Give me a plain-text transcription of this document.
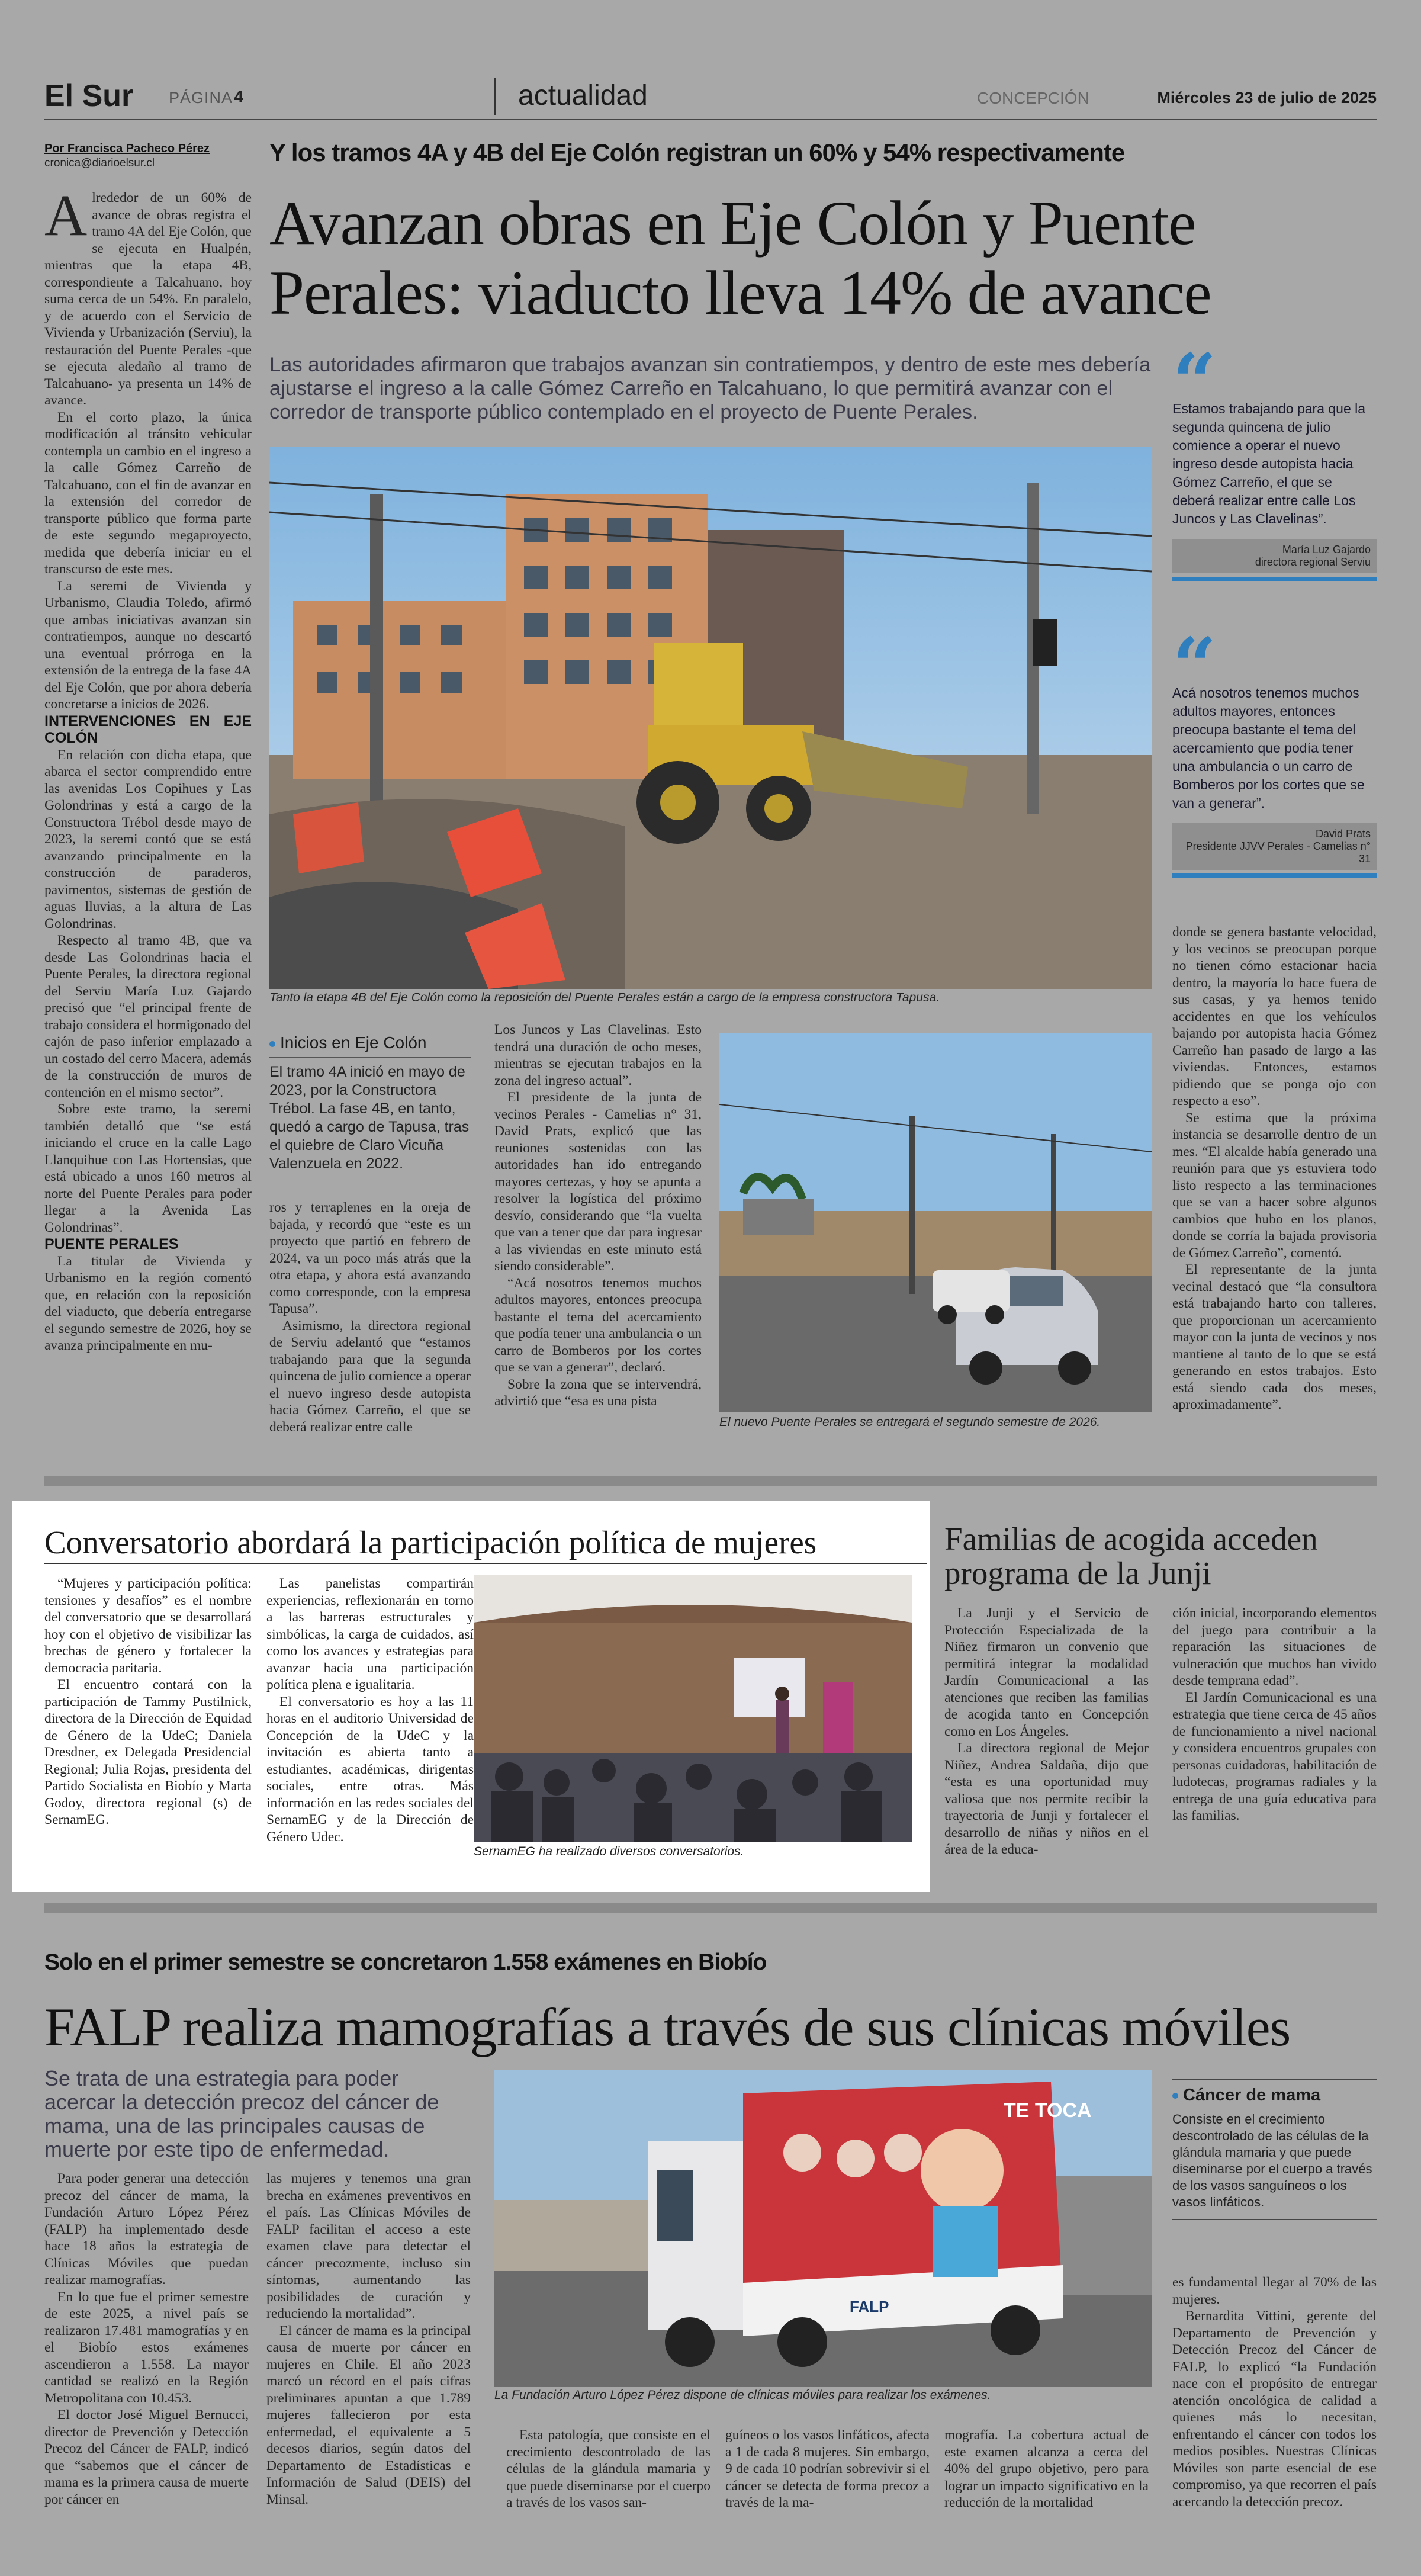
El Sur PÁGINA 4	actualidad	CONCEPCIÓN	Miércoles 23 de julio de 2025
Por Francisca Pacheco Pérez
cronica@diarioelsur.cl	Y los tramos 4A y 4B del Eje Colón registran un 60% y 54% respectivamente
Avanzan obras en Eje Colón y Puente Perales: viaducto lleva 14% de avance
Las autoridades afirmaron que trabajos avanzan sin contratiempos, y dentro de este mes debería ajustarse el ingreso a la calle Gómez Carreño en Talcahuano, lo que permitirá avanzar con el corredor de transporte público contemplado en el proyecto de Puente Perales.
A lrededor de un 60% de avance de obras registra el tramo 4A del Eje Colón, que se ejecuta en Hualpén, mientras que la etapa 4B, correspondiente a Talcahuano, hoy suma cerca de un 54%. En paralelo, y de acuerdo con el Servicio de Vivienda y Urbanización (Serviu), la restauración del Puente Perales -que se ejecuta aledaño al tramo de Talcahuano- ya presenta un 14% de avance.

En el corto plazo, la única modificación al tránsito vehicular contempla un cambio en el ingreso a la calle Gómez Carreño de Talcahuano, con el fin de avanzar en la extensión del corredor de transporte público que forma parte de este segundo megaproyecto, medida que debería iniciar en el transcurso de este mes.

La seremi de Vivienda y Urbanismo, Claudia Toledo, afirmó que ambas iniciativas avanzan sin contratiempos, aunque no descartó una eventual prórroga en la extensión de la entrega de la fase 4A del Eje Colón, que por ahora debería concretarse a inicios de 2026.

INTERVENCIONES EN EJE COLÓN

En relación con dicha etapa, que abarca el sector comprendido entre las avenidas Los Copihues y Las Golondrinas y está a cargo de la Constructora Trébol desde mayo de 2023, la seremi contó que se está avanzando principalmente en la construcción de paraderos, pavimentos, sistemas de gestión de aguas lluvias, a la altura de Las Golondrinas.

Respecto al tramo 4B, que va desde Las Golondrinas hacia el Puente Perales, la directora regional del Serviu María Luz Gajardo precisó que “el principal frente de trabajo considera el hormigonado del cajón de paso inferior emplazado a un costado del cerro Macera, además de la construcción de muros de contención en el mismo sector”.

Sobre este tramo, la seremi también detalló que “se está iniciando el cruce en la calle Lago Llanquihue con Las Hortensias, que está ubicado a unos 160 metros al norte del Puente Perales para poder llegar a la Avenida Las Golondrinas”.

PUENTE PERALES

La titular de Vivienda y Urbanismo en la región comentó que, en relación con la reposición del viaducto, que debería entregarse el segundo semestre de 2026, hoy se avanza principalmente en mu-

Tanto la etapa 4B del Eje Colón como la reposición del Puente Perales están a cargo de la empresa constructora Tapusa.
“
Estamos trabajando para que la segunda quincena de julio comience a operar el nuevo ingreso desde autopista hacia Gómez Carreño, el que se deberá realizar entre calle Los Juncos y Las Clavelinas”.
María Luz Gajardo
directora regional Serviu
“
Acá nosotros tenemos muchos adultos mayores, entonces preocupa bastante el tema del acercamiento que podía tener una ambulancia o un carro de Bomberos por los cortes que se van a generar”.
David Prats
Presidente JJVV Perales - Camelias n° 31
Inicios en Eje Colón
El tramo 4A inició en mayo de 2023, por la Constructora Trébol. La fase 4B, en tanto, quedó a cargo de Tapusa, tras el quiebre de Claro Vicuña Valenzuela en 2022.

ros y terraplenes en la oreja de bajada, y recordó que “este es un proyecto que partió en febrero de 2024, va un poco más atrás que la otra etapa, y ahora está avanzando como corresponde, con la empresa Tapusa”.

Asimismo, la directora regional de Serviu adelantó que “estamos trabajando para que la segunda quincena de julio comience a operar el nuevo ingreso desde autopista hacia Gómez Carreño, el que se deberá realizar entre calle

Los Juncos y Las Clavelinas. Esto tendrá una duración de ocho meses, mientras se ejecutan trabajos en la zona del ingreso actual”.

El presidente de la junta de vecinos Perales - Camelias n° 31, David Prats, explicó que las reuniones sostenidas con las autoridades han ido entregando mayores certezas, y hoy se apunta a resolver la logística del próximo desvío, considerando que “la vuelta que van a tener que dar para ingresar a las viviendas en este minuto está siendo considerable”.

“Acá nosotros tenemos muchos adultos mayores, entonces preocupa bastante el tema del acercamiento que podía tener una ambulancia o un carro de Bomberos por los cortes que se van a generar”, declaró.

Sobre la zona que se intervendrá, advirtió que “esa es una pista

El nuevo Puente Perales se entregará el segundo semestre de 2026.

donde se genera bastante velocidad, y los vecinos se preocupan porque no tienen cómo estacionar hacia dentro, la mayoría lo hace fuera de sus casas, y ya hemos tenido accidentes en que los vehículos bajando por autopista hacia Gómez Carreño han pasado de largo a las viviendas. Entonces, estamos pidiendo que se ponga ojo con respecto a eso”.

Se estima que la próxima instancia se desarrolle dentro de un mes. “El alcalde había generado una reunión para que ys estuviera todo listo respecto a las terminaciones que se van a hacer sobre algunos cambios que hubo en los planos, donde se corría la bajada provisoria de Gómez Carreño”, comentó.

El representante de la junta vecinal destacó que “la consultora está trabajando harto con talleres, que proporcionan un acercamiento mayor con la junta de vecinos y nos mantiene al tanto de lo que se está generando en estos trabajos. Esto está siendo cada dos meses, aproximadamente”.

Conversatorio abordará la participación política de mujeres

“Mujeres y participación política: tensiones y desafíos” es el nombre del conversatorio que se desarrollará hoy con el objetivo de visibilizar las brechas de género y fortalecer la democracia paritaria.

El encuentro contará con la participación de Tammy Pustilnick, directora de la Dirección de Equidad de Género de la UdeC; Daniela Dresdner, ex Delegada Presidencial Regional; Julia Rojas, presidenta del Partido Socialista en Biobío y Marta Godoy, directora regional (s) de SernamEG.

Las panelistas compartirán experiencias, reflexionarán en torno a las barreras estructurales y simbólicas, la carga de cuidados, así como los avances y estrategias para avanzar hacia una participación política plena e igualitaria.

El conversatorio es hoy a las 11 horas en el auditorio Universidad de Concepción de la UdeC y la invitación es abierta tanto a estudiantes, académicas, dirigentas sociales, entre otras. Más información en las redes sociales del SernamEG y de la Dirección de Género Udec.

SernamEG ha realizado diversos conversatorios.
Familias de acogida acceden programa de la Junji

La Junji y el Servicio de Protección Especializada de la Niñez firmaron un convenio que permitirá integrar la modalidad Jardín Comunicacional a las atenciones que reciben las familias de acogida tanto en Concepción como en Los Ángeles.

La directora regional de Mejor Niñez, Andrea Saldaña, dijo que “esta es una oportunidad muy valiosa que nos permite recibir la trayectoria de Junji y fortalecer el desarrollo de niñas y niños en el área de la educa-

ción inicial, incorporando elementos del juego para contribuir a la reparación las situaciones de vulneración que muchos han vivido desde temprana edad”.

El Jardín Comunicacional es una estrategia que tiene cerca de 45 años de funcionamiento a nivel nacional y considera encuentros grupales con personas cuidadoras, habilitación de ludotecas, programas radiales y la entrega de una guía educativa para las familias.

Solo en el primer semestre se concretaron 1.558 exámenes en Biobío
FALP realiza mamografías a través de sus clínicas móviles
Se trata de una estrategia para poder acercar la detección precoz del cáncer de mama, una de las principales causas de muerte por este tipo de enfermedad.

Para poder generar una detección precoz del cáncer de mama, la Fundación Arturo López Pérez (FALP) ha implementado desde hace 18 años la estrategia de Clínicas Móviles que puedan realizar mamografías.

En lo que fue el primer semestre de este 2025, a nivel país se realizaron 17.481 mamografías y en el Biobío estos exámenes ascendieron a 1.558. La mayor cantidad se realizó en la Región Metropolitana con 10.453.

El doctor José Miguel Bernucci, director de Prevención y Detección Precoz del Cáncer de FALP, indicó que “sabemos que el cáncer de mama es la primera causa de muerte por cáncer en

las mujeres y tenemos una gran brecha en exámenes preventivos en el país. Las Clínicas Móviles de FALP facilitan el acceso a este examen clave para detectar el cáncer precozmente, incluso sin síntomas, aumentando las posibilidades de curación y reduciendo la mortalidad”.

El cáncer de mama es la principal causa de muerte por cáncer en mujeres en Chile. El año 2023 marcó un récord en el país cifras preliminares apuntan a que 1.789 mujeres fallecieron por esta enfermedad, el equivalente a 5 decesos diarios, según datos del Departamento de Estadísticas e Información de Salud (DEIS) del Minsal.

TE TOCA
FALP
La Fundación Arturo López Pérez dispone de clínicas móviles para realizar los exámenes.

Esta patología, que consiste en el crecimiento descontrolado de las células de la glándula mamaria y que puede diseminarse por el cuerpo a través de los vasos san-

guíneos o los vasos linfáticos, afecta a 1 de cada 8 mujeres. Sin embargo, 9 de cada 10 podrían sobrevivir si el cáncer se detecta de forma precoz a través de la ma-

mografía. La cobertura actual de este examen alcanza a cerca del 40% del grupo objetivo, pero para lograr un impacto significativo en la reducción de la mortalidad

Cáncer de mama
Consiste en el crecimiento descontrolado de las células de la glándula mamaria y que puede diseminarse por el cuerpo a través de los vasos sanguíneos o los vasos linfáticos.

es fundamental llegar al 70% de las mujeres.

Bernardita Vittini, gerente del Departamento de Prevención y Detección Precoz del Cáncer de FALP, lo explicó “la Fundación nace con el propósito de entregar atención oncológica de calidad a quienes más lo necesitan, enfrentando el cáncer con todos los medios posibles. Nuestras Clínicas Móviles son parte esencial de ese compromiso, ya que recorren el país acercando la detección precoz.
